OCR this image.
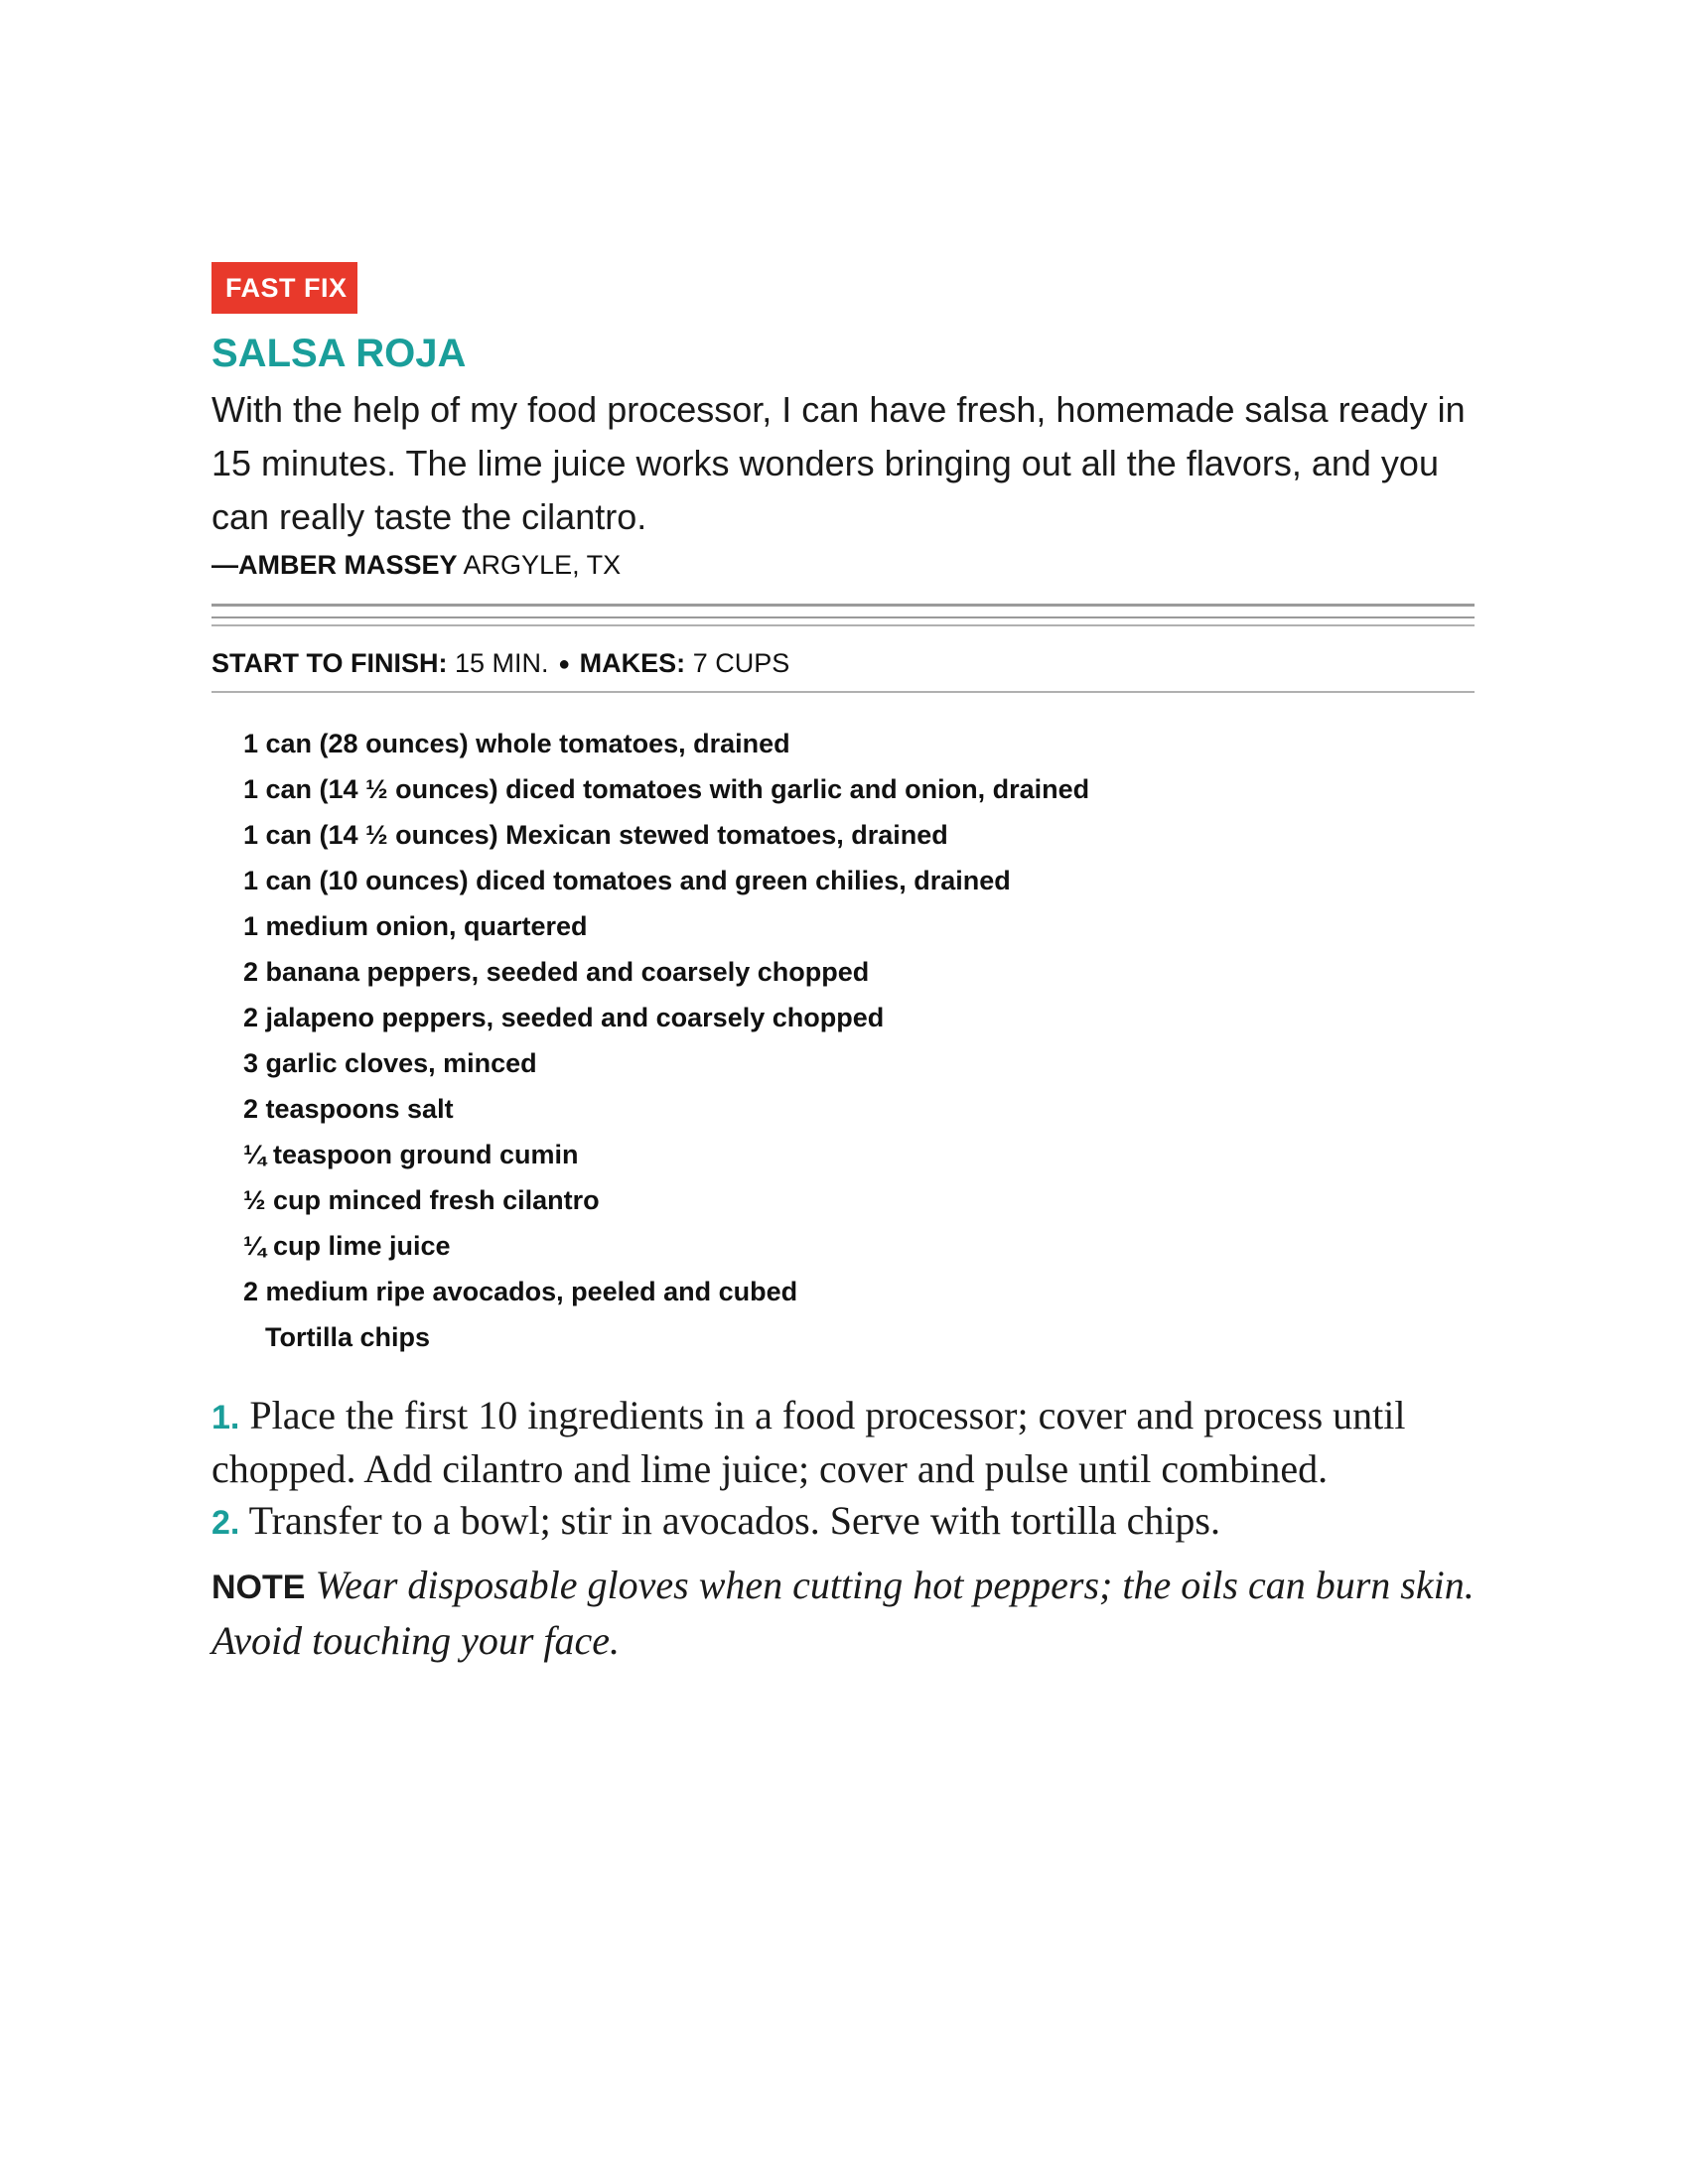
FAST FIX
SALSA ROJA
With the help of my food processor, I can have fresh, homemade salsa ready in 15 minutes. The lime juice works wonders bringing out all the flavors, and you can really taste the cilantro.
—AMBER MASSEY ARGYLE, TX
START TO FINISH: 15 MIN. ● MAKES: 7 CUPS
1 can (28 ounces) whole tomatoes, drained
1 can (14 ½ ounces) diced tomatoes with garlic and onion, drained
1 can (14 ½ ounces) Mexican stewed tomatoes, drained
1 can (10 ounces) diced tomatoes and green chilies, drained
1 medium onion, quartered
2 banana peppers, seeded and coarsely chopped
2 jalapeno peppers, seeded and coarsely chopped
3 garlic cloves, minced
2 teaspoons salt
¼ teaspoon ground cumin
½ cup minced fresh cilantro
¼ cup lime juice
2 medium ripe avocados, peeled and cubed
Tortilla chips
1. Place the first 10 ingredients in a food processor; cover and process until chopped. Add cilantro and lime juice; cover and pulse until combined.
2. Transfer to a bowl; stir in avocados. Serve with tortilla chips.
NOTE Wear disposable gloves when cutting hot peppers; the oils can burn skin. Avoid touching your face.
